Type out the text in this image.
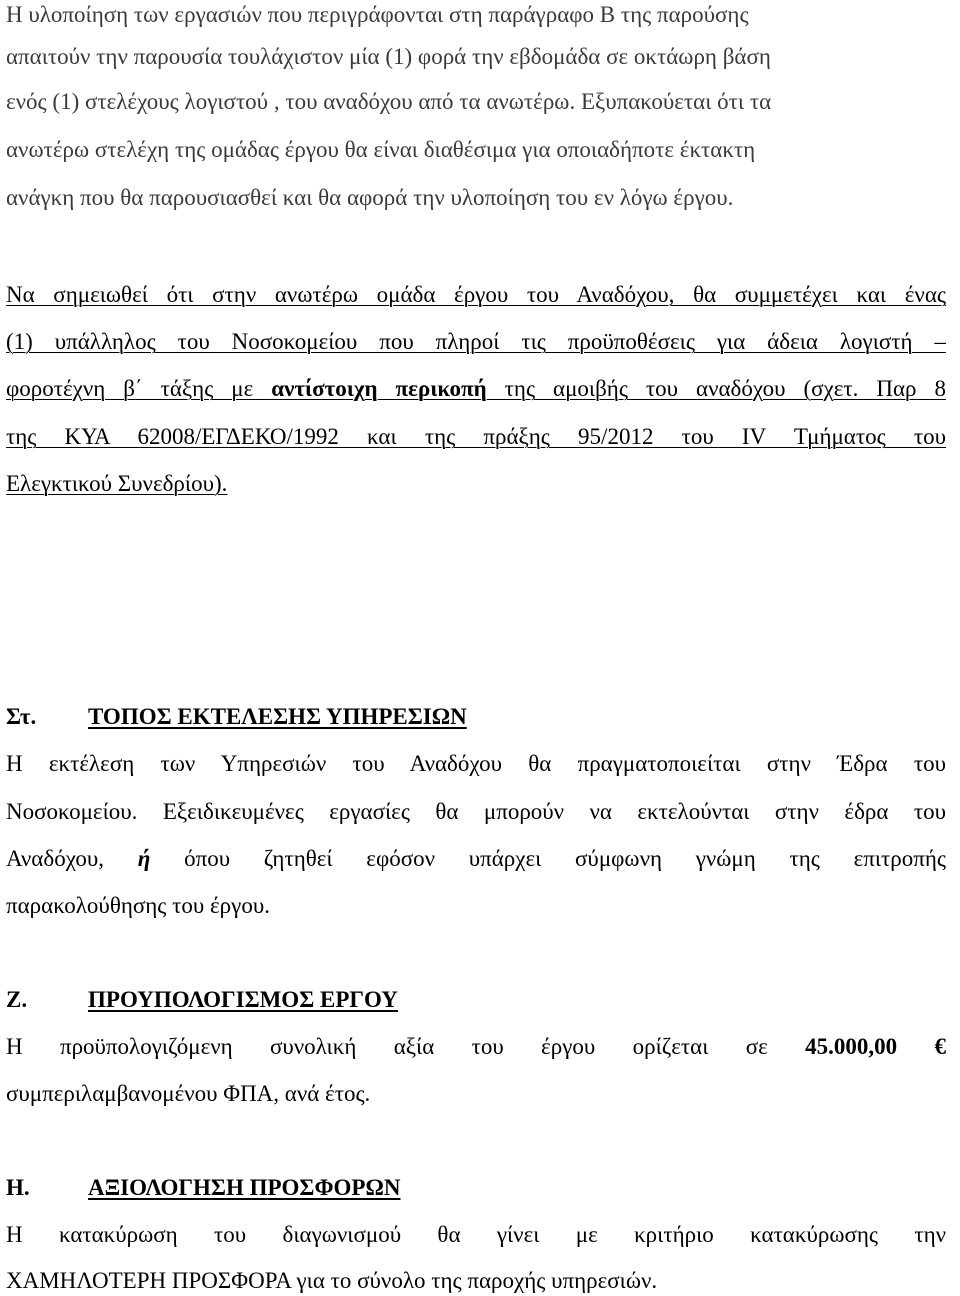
Η υλοποίηση των εργασιών που περιγράφονται στη παράγραφο Β της παρούσης
απαιτούν την παρουσία τουλάχιστον μία (1) φορά την εβδομάδα σε οκτάωρη βάση
ενός (1) στελέχους λογιστού , του αναδόχου από τα ανωτέρω. Εξυπακούεται ότι τα
ανωτέρω στελέχη της ομάδας έργου θα είναι διαθέσιμα για οποιαδήποτε έκτακτη
ανάγκη που θα παρουσιασθεί και θα αφορά την υλοποίηση του εν λόγω έργου.
Να σημειωθεί ότι στην ανωτέρω ομάδα έργου του Αναδόχου, θα συμμετέχει και ένας
(1) υπάλληλος του Νοσοκομείου που πληροί τις προϋποθέσεις για άδεια λογιστή –
φοροτέχνη β΄ τάξης με αντίστοιχη περικοπή της αμοιβής του αναδόχου (σχετ. Παρ 8
της ΚΥΑ 62008/ΕΓΔΕΚΟ/1992 και της πράξης 95/2012 του IV Τμήματος του
Ελεγκτικού Συνεδρίου).
Στ. ΤΟΠΟΣ ΕΚΤΕΛΕΣΗΣ ΥΠΗΡΕΣΙΩΝ
Η εκτέλεση των Υπηρεσιών του Αναδόχου θα πραγματοποιείται στην Έδρα του
Νοσοκομείου. Εξειδικευμένες εργασίες θα μπορούν να εκτελούνται στην έδρα του
Αναδόχου, ή όπου ζητηθεί εφόσον υπάρχει σύμφωνη γνώμη της επιτροπής
παρακολούθησης του έργου.
Ζ.	ΠΡΟΥΠΟΛΟΓΙΣΜΟΣ ΕΡΓΟΥ
Η προϋπολογιζόμενη συνολική αξία του έργου ορίζεται σε 45.000,00 €
συμπεριλαμβανομένου ΦΠΑ, ανά έτος.
Η.	ΑΞΙΟΛΟΓΗΣΗ ΠΡΟΣΦΟΡΩΝ
Η κατακύρωση του διαγωνισμού θα γίνει με κριτήριο κατακύρωσης την
ΧΑΜΗΛΟΤΕΡΗ ΠΡΟΣΦΟΡΑ για το σύνολο της παροχής υπηρεσιών.
